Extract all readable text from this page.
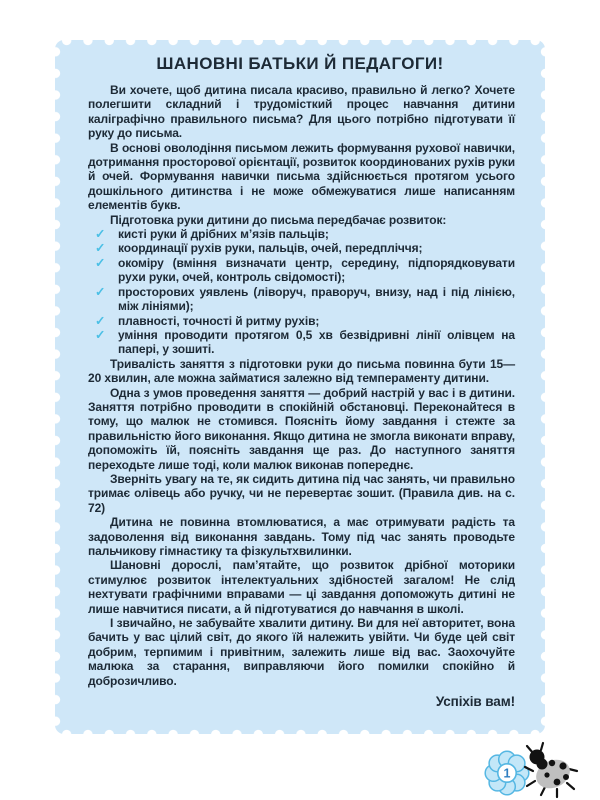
ШАНОВНІ БАТЬКИ Й ПЕДАГОГИ!

Ви хочете, щоб дитина писала красиво, правильно й легко? Хочете полегшити складний і трудомісткий процес навчання дитини каліграфічно правильного письма? Для цього потрібно підготувати її руку до письма.

В основі оволодіння письмом лежить формування рухової навички, дотримання просторової орієнтації, розвиток координованих рухів руки й очей. Формування навички письма здійснюється протягом усього дошкільного дитинства і не може обмежуватися лише написанням елементів букв.

Підготовка руки дитини до письма передбачає розвиток:

✓	кисті руки й дрібних мʼязів пальців;
✓	координації рухів руки, пальців, очей, передпліччя;
✓	окоміру (вміння визначати центр, середину, підпорядковувати рухи руки, очей, контроль свідомості);
✓	просторових уявлень (ліворуч, праворуч, внизу, над і під лінією, між лініями);
✓	плавності, точності й ритму рухів;
✓	уміння проводити протягом 0,5 хв безвідривні лінії олівцем на папері, у зошиті.

Тривалість заняття з підготовки руки до письма повинна бути 15—20 хвилин, але можна займатися залежно від темпераменту дитини.

Одна з умов проведення заняття — добрий настрій у вас і в дитини. Заняття потрібно проводити в спокійній обстановці. Переконайтеся в тому, що малюк не стомився. Поясніть йому завдання і стежте за правильністю його виконання. Якщо дитина не змогла виконати вправу, допоможіть їй, поясніть завдання ще раз. До наступного заняття переходьте лише тоді, коли малюк виконав попереднє.

Зверніть увагу на те, як сидить дитина під час занять, чи правильно тримає олівець або ручку, чи не перевертає зошит. (Правила див. на с. 72)

Дитина не повинна втомлюватися, а має отримувати радість та задоволення від виконання завдань. Тому під час занять проводьте пальчикову гімнастику та фізкультхвилинки.

Шановні дорослі, памʼятайте, що розвиток дрібної моторики стимулює розвиток інтелектуальних здібностей загалом! Не слід нехтувати графічними вправами — ці завдання допоможуть дитині не лише навчитися писати, а й підготуватися до навчання в школі.

І звичайно, не забувайте хвалити дитину. Ви для неї авторитет, вона бачить у вас цілий світ, до якого їй належить увійти. Чи буде цей світ добрим, терпимим і привітним, залежить лише від вас. Заохочуйте малюка за старання, виправляючи його помилки спокійно й доброзичливо.

Успіхів вам!

1
